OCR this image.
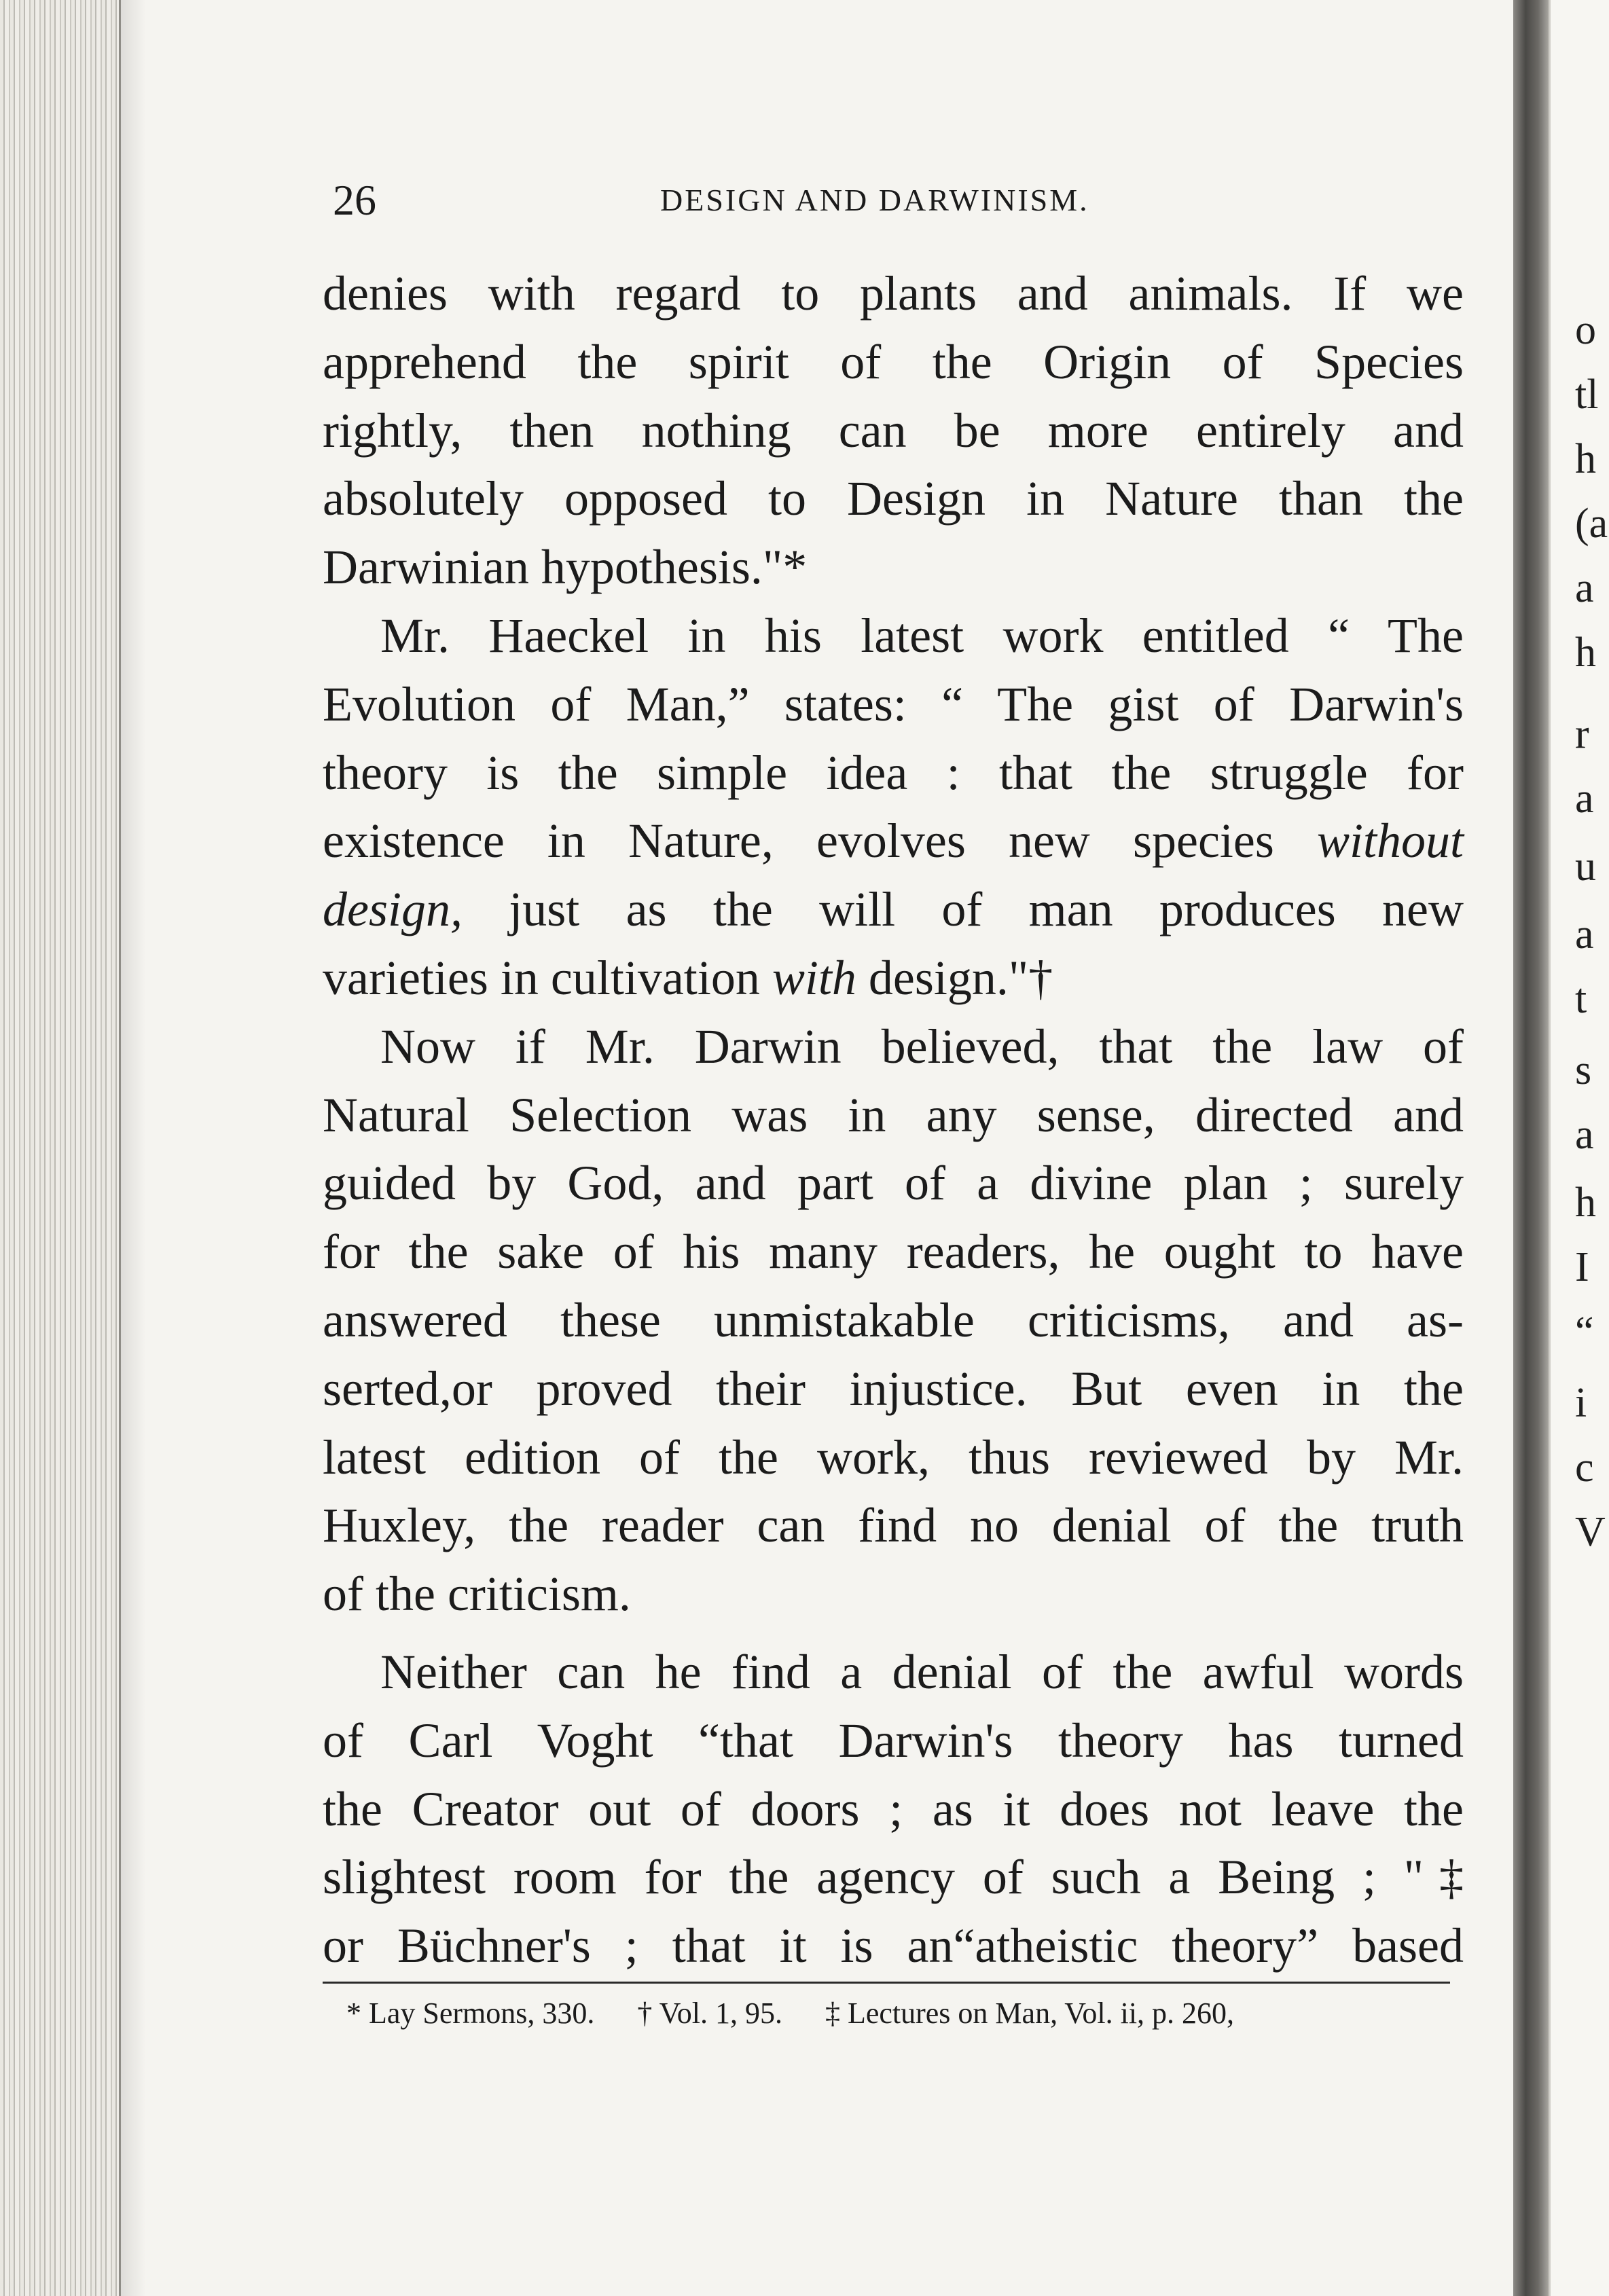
26	DESIGN AND DARWINISM.
denies with regard to plants and animals. If we
apprehend the spirit of the Origin of Species
rightly, then nothing can be more entirely and
absolutely opposed to Design in Nature than the
Darwinian hypothesis."*
Mr. Haeckel in his latest work entitled “ The
Evolution of Man,” states: “ The gist of Darwin's
theory is the simple idea : that the struggle for
existence in Nature, evolves new species without
design, just as the will of man produces new
varieties in cultivation with design."†
Now if Mr. Darwin believed, that the law of
Natural Selection was in any sense, directed and
guided by God, and part of a divine plan ; surely
for the sake of his many readers, he ought to have
answered these unmistakable criticisms, and as-
serted,or proved their injustice. But even in the
latest edition of the work, thus reviewed by Mr.
Huxley, the reader can find no denial of the truth
of the criticism.
Neither can he find a denial of the awful words
of Carl Voght “that Darwin's theory has turned
the Creator out of doors ; as it does not leave the
slightest room for the agency of such a Being ; "‡
or Büchner's ; that it is an“atheistic theory” based
* Lay Sermons, 330. † Vol. 1, 95. ‡ Lectures on Man, Vol. ii, p. 260,
o
tl
h
(a
a
h
r
a
u
a
t
s
a
h
I
“
i
c
V
